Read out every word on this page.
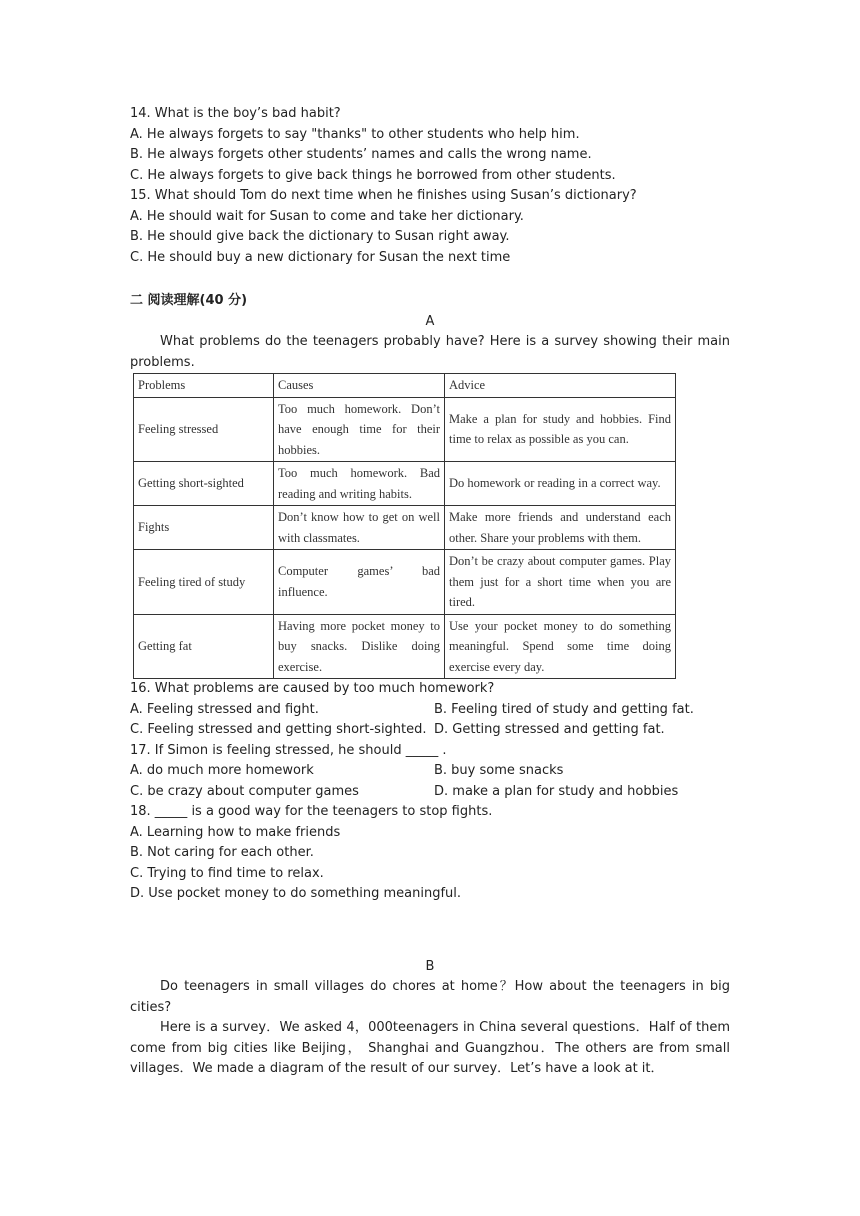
14. What is the boy’s bad habit?
A. He always forgets to say "thanks" to other students who help him.
B. He always forgets other students’ names and calls the wrong name.
C. He always forgets to give back things he borrowed from other students.
15. What should Tom do next time when he finishes using Susan’s dictionary?
A. He should wait for Susan to come and take her dictionary.
B. He should give back the dictionary to Susan right away.
C. He should buy a new dictionary for Susan the next time
二 阅读理解(40 分)
A
What problems do the teenagers probably have? Here is a survey showing their main problems.
Problems	Causes	Advice
Feeling stressed	Too much homework. Don’t have enough time for their hobbies.	Make a plan for study and hobbies. Find time to relax as possible as you can.
Getting short-sighted	Too much homework. Bad reading and writing habits.	Do homework or reading in a correct way.
Fights	Don’t know how to get on well with classmates.	Make more friends and understand each other. Share your problems with them.
Feeling tired of study	Computer games’ bad influence.	Don’t be crazy about computer games. Play them just for a short time when you are tired.
Getting fat	Having more pocket money to buy snacks. Dislike doing exercise.	Use your pocket money to do something meaningful. Spend some time doing exercise every day.
16. What problems are caused by too much homework?
A. Feeling stressed and fight.	B. Feeling tired of study and getting fat.
C. Feeling stressed and getting short-sighted. D. Getting stressed and getting fat.
17. If Simon is feeling stressed, he should _____ .
A. do much more homework	B. buy some snacks
C. be crazy about computer games	D. make a plan for study and hobbies
18. _____ is a good way for the teenagers to stop fights.
A. Learning how to make friends
B. Not caring for each other.
C. Trying to find time to relax.
D. Use pocket money to do something meaningful.
B
Do teenagers in small villages do chores at home？How about the teenagers in big cities?
Here is a survey．We asked 4，000teenagers in China several questions．Half of them come from big cities like Beijing， Shanghai and Guangzhou．The others are from small villages．We made a diagram of the result of our survey．Let’s have a look at it．
